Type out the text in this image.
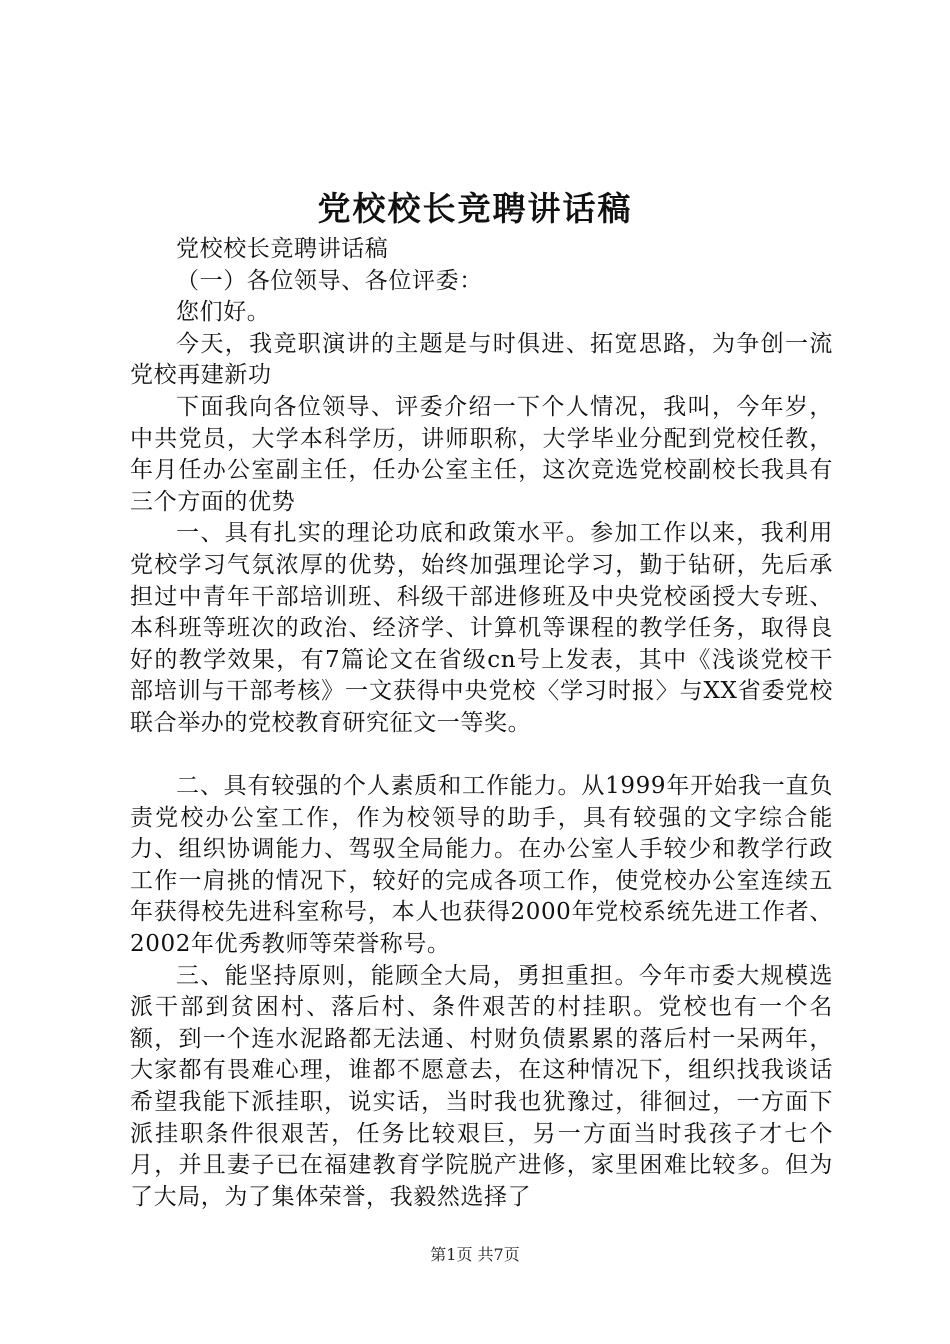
党校校长竞聘讲话稿

党校校长竞聘讲话稿

（一）各位领导、各位评委：

您们好。

今天，我竞职演讲的主题是与时俱进、拓宽思路，为争创一流党校再建新功

下面我向各位领导、评委介绍一下个人情况，我叫，今年岁，中共党员，大学本科学历，讲师职称，大学毕业分配到党校任教，年月任办公室副主任，任办公室主任，这次竞选党校副校长我具有三个方面的优势

一、具有扎实的理论功底和政策水平。参加工作以来，我利用党校学习气氛浓厚的优势，始终加强理论学习，勤于钻研，先后承担过中青年干部培训班、科级干部进修班及中央党校函授大专班、本科班等班次的政治、经济学、计算机等课程的教学任务，取得良好的教学效果，有7篇论文在省级cn号上发表，其中《浅谈党校干部培训与干部考核》一文获得中央党校〈学习时报〉与XX省委党校联合举办的党校教育研究征文一等奖。

二、具有较强的个人素质和工作能力。从1999年开始我一直负责党校办公室工作，作为校领导的助手，具有较强的文字综合能力、组织协调能力、驾驭全局能力。在办公室人手较少和教学行政工作一肩挑的情况下，较好的完成各项工作，使党校办公室连续五年获得校先进科室称号，本人也获得2000年党校系统先进工作者、2002年优秀教师等荣誉称号。

三、能坚持原则，能顾全大局，勇担重担。今年市委大规模选派干部到贫困村、落后村、条件艰苦的村挂职。党校也有一个名额，到一个连水泥路都无法通、村财负债累累的落后村一呆两年，大家都有畏难心理，谁都不愿意去，在这种情况下，组织找我谈话希望我能下派挂职，说实话，当时我也犹豫过，徘徊过，一方面下派挂职条件很艰苦，任务比较艰巨，另一方面当时我孩子才七个月，并且妻子已在福建教育学院脱产进修，家里困难比较多。但为了大局，为了集体荣誉，我毅然选择了

第1页 共7页
